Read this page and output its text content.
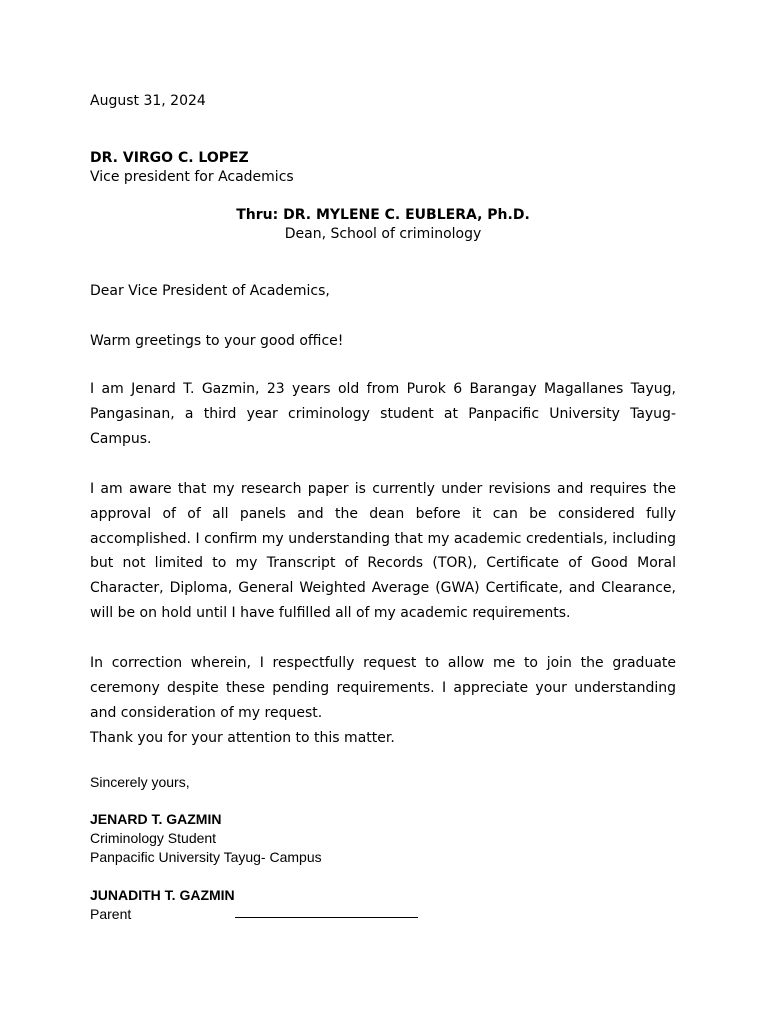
August 31, 2024
DR. VIRGO C. LOPEZ
Vice president for Academics
Thru: DR. MYLENE C. EUBLERA, Ph.D.
Dean, School of criminology
Dear Vice President of Academics,
Warm greetings to your good office!
I am Jenard T. Gazmin, 23 years old from Purok 6 Barangay Magallanes Tayug, Pangasinan, a third year criminology student at Panpacific University Tayug- Campus.
I am aware that my research paper is currently under revisions and requires the approval of of all panels and the dean before it can be considered fully accomplished. I confirm my understanding that my academic credentials, including but not limited to my Transcript of Records (TOR), Certificate of Good Moral Character, Diploma, General Weighted Average (GWA) Certificate, and Clearance, will be on hold until I have fulfilled all of my academic requirements.
In correction wherein, I respectfully request to allow me to join the graduate ceremony despite these pending requirements. I appreciate your understanding and consideration of my request.
Thank you for your attention to this matter.
Sincerely yours,
JENARD T. GAZMIN
Criminology Student
Panpacific University Tayug- Campus
JUNADITH T. GAZMIN
Parent
